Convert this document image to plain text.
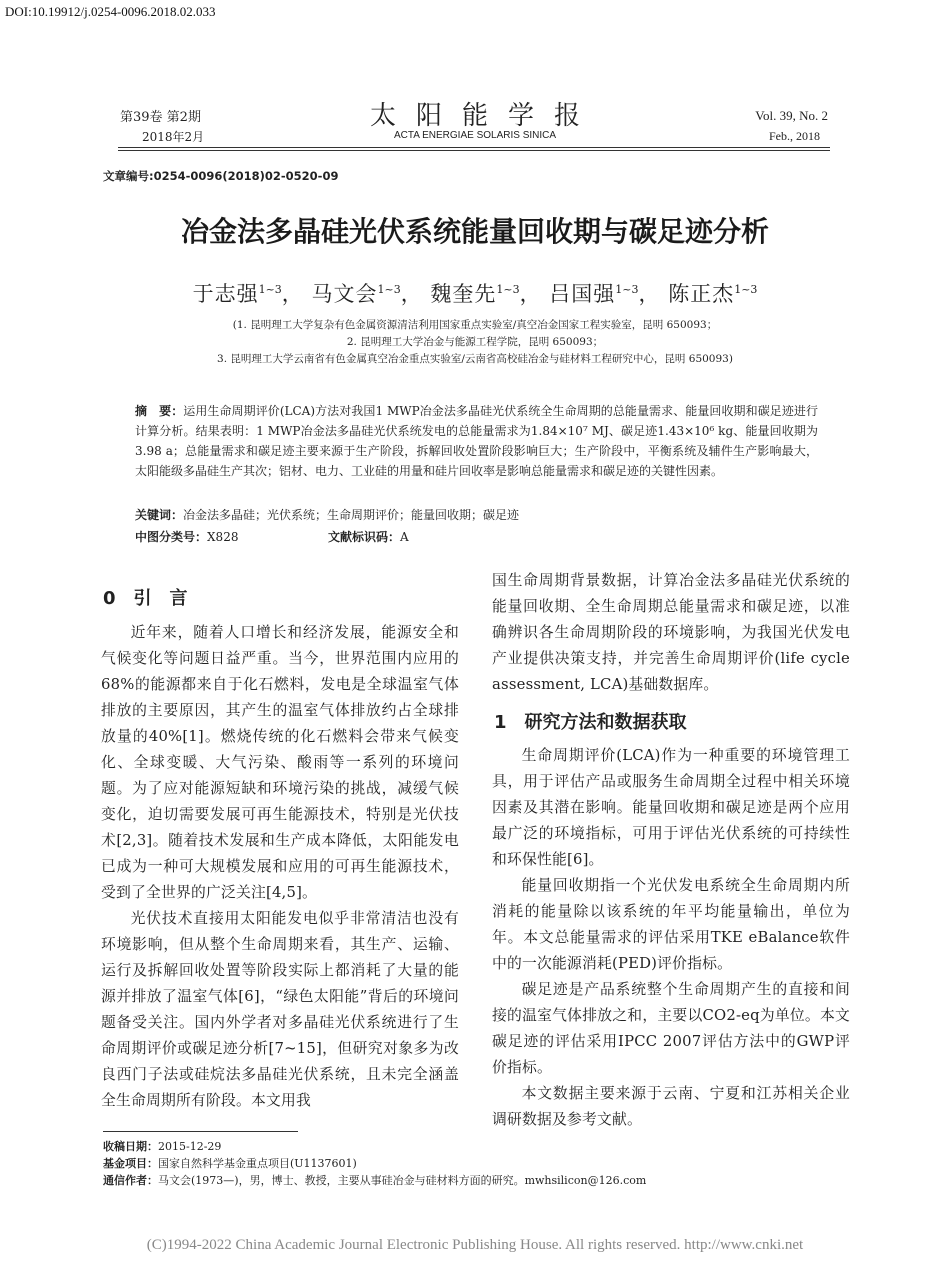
DOI:10.19912/j.0254-0096.2018.02.033
第39卷 第2期
2018年2月
太阳能学报
ACTA ENERGIAE SOLARIS SINICA
Vol. 39, No. 2
Feb., 2018
文章编号:0254-0096(2018)02-0520-09
冶金法多晶硅光伏系统能量回收期与碳足迹分析
于志强$^{1\sim 3}$， 马文会$^{1\sim 3}$， 魏奎先$^{1\sim 3}$， 吕国强$^{1\sim 3}$， 陈正杰$^{1\sim 3}$
(1. 昆明理工大学复杂有色金属资源清洁利用国家重点实验室/真空冶金国家工程实验室，昆明 650093；
2. 昆明理工大学冶金与能源工程学院，昆明 650093；
3. 昆明理工大学云南省有色金属真空冶金重点实验室/云南省高校硅冶金与硅材料工程研究中心，昆明 650093)
摘　要：运用生命周期评价(LCA)方法对我国1 MWP冶金法多晶硅光伏系统全生命周期的总能量需求、能量回收期和碳足迹进行计算分析。结果表明：1 MWP冶金法多晶硅光伏系统发电的总能量需求为1.84×10⁷ MJ、碳足迹1.43×10⁶ kg、能量回收期为3.98 a；总能量需求和碳足迹主要来源于生产阶段，拆解回收处置阶段影响巨大；生产阶段中，平衡系统及辅件生产影响最大，太阳能级多晶硅生产其次；铝材、电力、工业硅的用量和硅片回收率是影响总能量需求和碳足迹的关键性因素。
关键词：冶金法多晶硅；光伏系统；生命周期评价；能量回收期；碳足迹
中图分类号：X828	文献标识码：A
0　引　言

近年来，随着人口增长和经济发展，能源安全和气候变化等问题日益严重。当今，世界范围内应用的68%的能源都来自于化石燃料，发电是全球温室气体排放的主要原因，其产生的温室气体排放约占全球排放量的40%[1]。燃烧传统的化石燃料会带来气候变化、全球变暖、大气污染、酸雨等一系列的环境问题。为了应对能源短缺和环境污染的挑战，减缓气候变化，迫切需要发展可再生能源技术，特别是光伏技术[2,3]。随着技术发展和生产成本降低，太阳能发电已成为一种可大规模发展和应用的可再生能源技术，受到了全世界的广泛关注[4,5]。

光伏技术直接用太阳能发电似乎非常清洁也没有环境影响，但从整个生命周期来看，其生产、运输、运行及拆解回收处置等阶段实际上都消耗了大量的能源并排放了温室气体[6]，“绿色太阳能”背后的环境问题备受关注。国内外学者对多晶硅光伏系统进行了生命周期评价或碳足迹分析[7~15]，但研究对象多为改良西门子法或硅烷法多晶硅光伏系统，且未完全涵盖全生命周期所有阶段。本文用我

国生命周期背景数据，计算冶金法多晶硅光伏系统的能量回收期、全生命周期总能量需求和碳足迹，以准确辨识各生命周期阶段的环境影响，为我国光伏发电产业提供决策支持，并完善生命周期评价(life cycle assessment, LCA)基础数据库。

1　研究方法和数据获取

生命周期评价(LCA)作为一种重要的环境管理工具，用于评估产品或服务生命周期全过程中相关环境因素及其潜在影响。能量回收期和碳足迹是两个应用最广泛的环境指标，可用于评估光伏系统的可持续性和环保性能[6]。

能量回收期指一个光伏发电系统全生命周期内所消耗的能量除以该系统的年平均能量输出，单位为年。本文总能量需求的评估采用TKE eBalance软件中的一次能源消耗(PED)评价指标。

碳足迹是产品系统整个生命周期产生的直接和间接的温室气体排放之和，主要以CO2-eq为单位。本文碳足迹的评估采用IPCC 2007评估方法中的GWP评价指标。

本文数据主要来源于云南、宁夏和江苏相关企业调研数据及参考文献。

收稿日期：2015-12-29
基金项目：国家自然科学基金重点项目(U1137601)
通信作者：马文会(1973—)，男，博士、教授，主要从事硅冶金与硅材料方面的研究。mwhsilicon@126.com
(C)1994-2022 China Academic Journal Electronic Publishing House. All rights reserved. http://www.cnki.net
